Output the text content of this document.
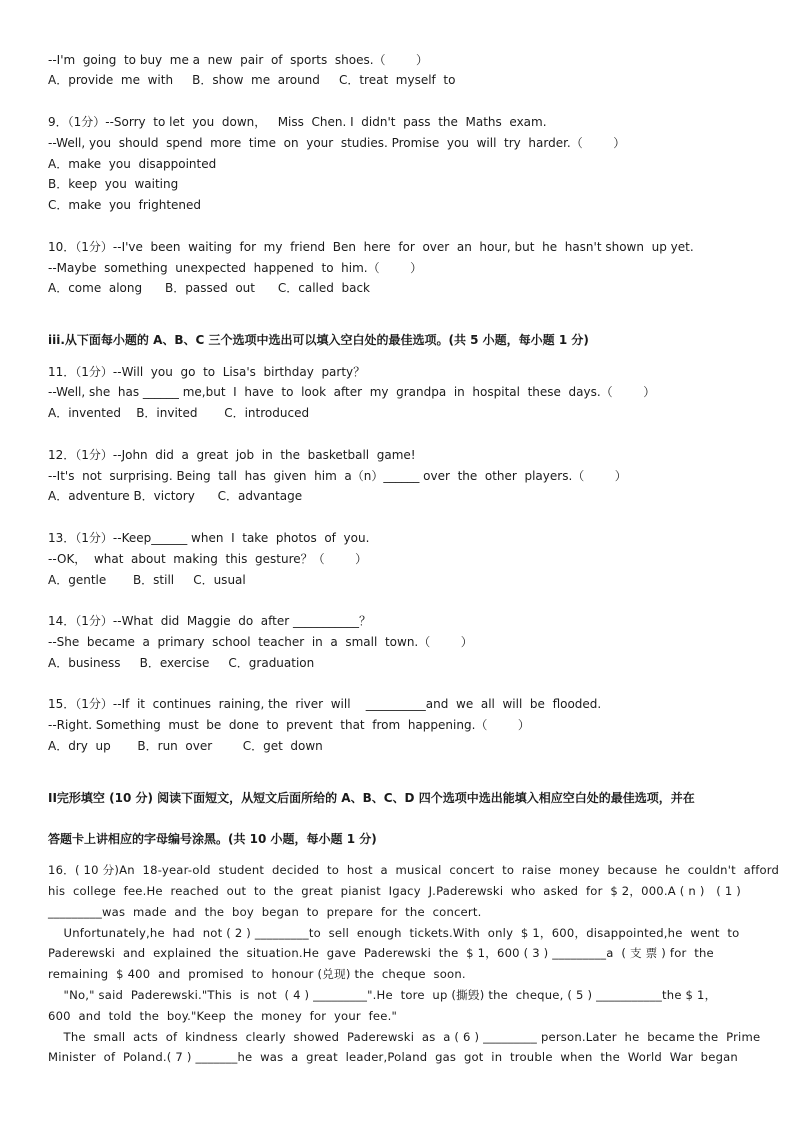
--I'm  going  to buy  me a  new  pair  of  sports  shoes.（        ）
A．provide  me  with     B．show  me  around     C．treat  myself  to
9．（1分）--Sorry  to let  you  down，   Miss  Chen. I  didn't  pass  the  Maths  exam.
--Well, you  should  spend  more  time  on  your  studies. Promise  you  will  try  harder.（        ）
A．make  you  disappointed
B．keep  you  waiting
C．make  you  frightened
10．（1分）--I've  been  waiting  for  my  friend  Ben  here  for  over  an  hour, but  he  hasn't shown  up yet.
--Maybe  something  unexpected  happened  to  him.（        ）
A．come  along      B．passed  out      C．called  back
iii.从下面每小题的 A、B、C 三个选项中选出可以填入空白处的最佳选项。(共 5 小题，每小题 1 分)
11．（1分）--Will  you  go  to  Lisa's  birthday  party？
--Well, she  has ______ me,but  I  have  to  look  after  my  grandpa  in  hospital  these  days.（        ）
A．invented    B．invited       C．introduced
12．（1分）--John  did  a  great  job  in  the  basketball  game!
--It's  not  surprising. Being  tall  has  given  him  a（n）______ over  the  other  players.（        ）
A．adventure B．victory      C．advantage
13．（1分）--Keep______ when  I  take  photos  of  you.
--OK，  what  about  making  this  gesture？（        ）
A．gentle       B．still     C．usual
14．（1分）--What  did  Maggie  do  after ___________？
--She  became  a  primary  school  teacher  in  a  small  town.（        ）
A．business     B．exercise     C．graduation
15．（1分）--If  it  continues  raining, the  river  will    __________and  we  all  will  be  flooded.
--Right. Something  must  be  done  to  prevent  that  from  happening.（        ）
A．dry  up       B．run  over        C．get  down
II完形填空 (10 分) 阅读下面短文，从短文后面所给的 A、B、C、D 四个选项中选出能填入相应空白处的最佳选项，并在
答题卡上讲相应的字母编号涂黑。(共 10 小题，每小题 1 分)
16．( 10 分)An  18-year-old  student  decided  to  host  a  musical  concert  to  raise  money  because  he  couldn't  afford
his  college  fee.He  reached  out  to  the  great  pianist  Igacy  J.Paderewski  who  asked  for  $ 2，000.A ( n )   ( 1 )
_________was  made  and  the  boy  began  to  prepare  for  the  concert.
Unfortunately,he  had  not ( 2 ) _________to  sell  enough  tickets.With  only  $ 1，600，disappointed,he  went  to
Paderewski  and  explained  the  situation.He  gave  Paderewski  the  $ 1，600 ( 3 ) _________a  ( 支 票 ) for  the
remaining  $ 400  and  promised  to  honour (兑现) the  cheque  soon.
"No," said  Paderewski."This  is  not  ( 4 ) _________".He  tore  up (撕毁) the  cheque, ( 5 ) ___________the $ 1，
600  and  told  the  boy."Keep  the  money  for  your  fee."
The  small  acts  of  kindness  clearly  showed  Paderewski  as  a ( 6 ) _________ person.Later  he  became the  Prime
Minister  of  Poland.( 7 ) _______he  was  a  great  leader,Poland  gas  got  in  trouble  when  the  World  War  began
